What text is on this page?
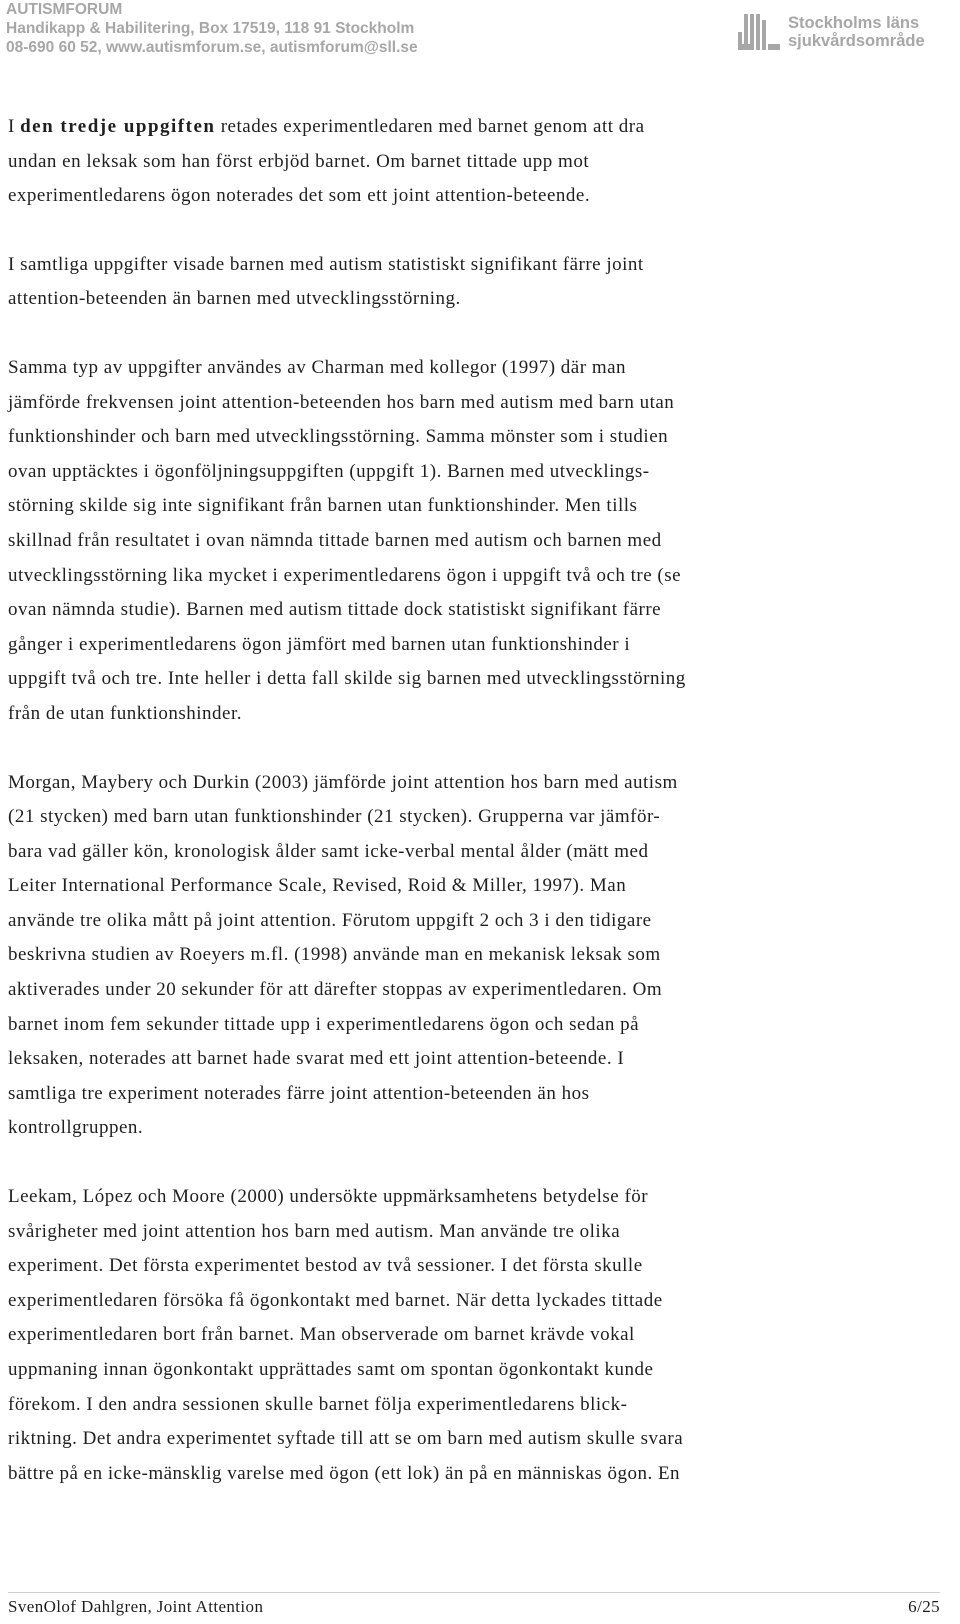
AUTISMFORUM
Handikapp & Habilitering, Box 17519, 118 91 Stockholm
08-690 60 52, www.autismforum.se, autismforum@sll.se
Stockholms läns
sjukvårdsområde
I den tredje uppgiften retades experimentledaren med barnet genom att dra
undan en leksak som han först erbjöd barnet. Om barnet tittade upp mot
experimentledarens ögon noterades det som ett joint attention-beteende.
I samtliga uppgifter visade barnen med autism statistiskt signifikant färre joint
attention-beteenden än barnen med utvecklingsstörning.
Samma typ av uppgifter användes av Charman med kollegor (1997) där man
jämförde frekvensen joint attention-beteenden hos barn med autism med barn utan
funktionshinder och barn med utvecklingsstörning. Samma mönster som i studien
ovan upptäcktes i ögonföljningsuppgiften (uppgift 1). Barnen med utvecklings-
störning skilde sig inte signifikant från barnen utan funktionshinder. Men tills
skillnad från resultatet i ovan nämnda tittade barnen med autism och barnen med
utvecklingsstörning lika mycket i experimentledarens ögon i uppgift två och tre (se
ovan nämnda studie). Barnen med autism tittade dock statistiskt signifikant färre
gånger i experimentledarens ögon jämfört med barnen utan funktionshinder i
uppgift två och tre. Inte heller i detta fall skilde sig barnen med utvecklingsstörning
från de utan funktionshinder.
Morgan, Maybery och Durkin (2003) jämförde joint attention hos barn med autism
(21 stycken) med barn utan funktionshinder (21 stycken). Grupperna var jämför-
bara vad gäller kön, kronologisk ålder samt icke-verbal mental ålder (mätt med
Leiter International Performance Scale, Revised, Roid & Miller, 1997). Man
använde tre olika mått på joint attention. Förutom uppgift 2 och 3 i den tidigare
beskrivna studien av Roeyers m.fl. (1998) använde man en mekanisk leksak som
aktiverades under 20 sekunder för att därefter stoppas av experimentledaren. Om
barnet inom fem sekunder tittade upp i experimentledarens ögon och sedan på
leksaken, noterades att barnet hade svarat med ett joint attention-beteende. I
samtliga tre experiment noterades färre joint attention-beteenden än hos
kontrollgruppen.
Leekam, López och Moore (2000) undersökte uppmärksamhetens betydelse för
svårigheter med joint attention hos barn med autism. Man använde tre olika
experiment. Det första experimentet bestod av två sessioner. I det första skulle
experimentledaren försöka få ögonkontakt med barnet. När detta lyckades tittade
experimentledaren bort från barnet. Man observerade om barnet krävde vokal
uppmaning innan ögonkontakt upprättades samt om spontan ögonkontakt kunde
förekom. I den andra sessionen skulle barnet följa experimentledarens blick-
riktning. Det andra experimentet syftade till att se om barn med autism skulle svara
bättre på en icke-mänsklig varelse med ögon (ett lok) än på en människas ögon. En
SvenOlof Dahlgren, Joint Attention	6/25
